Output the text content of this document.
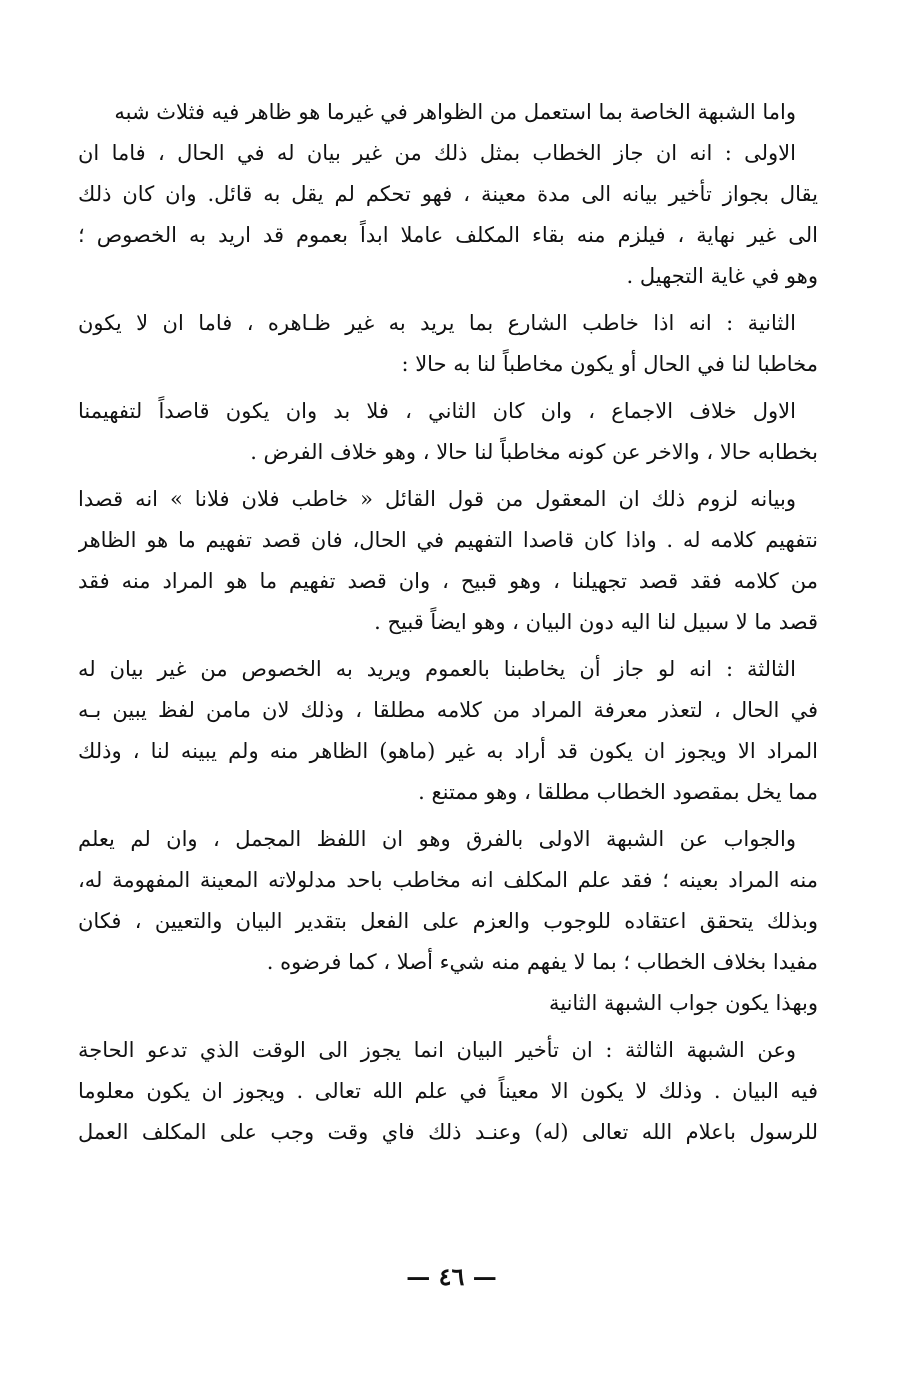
واما الشبهة الخاصة بما استعمل من الظواهر في غيرما هو ظاهر فيه فثلاث شبه
الاولى : انه ان جاز الخطاب بمثل ذلك من غير بيان له في الحال ، فاما ان
يقال بجواز تأخير بيانه الى مدة معينة ، فهو تحكم لم يقل به قائل. وان كان ذلك
الى غير نهاية ، فيلزم منه بقاء المكلف عاملا ابداً بعموم قد اريد به الخصوص ؛
وهو في غاية التجهيل .
الثانية : انه اذا خاطب الشارع بما يريد به غير ظـاهره ، فاما ان لا يكون
مخاطبا لنا في الحال أو يكون مخاطباً لنا به حالا :
الاول خلاف الاجماع ، وان كان الثاني ، فلا بد وان يكون قاصداً لتفهيمنا
بخطابه حالا ، والاخر عن كونه مخاطباً لنا حالا ، وهو خلاف الفرض .
وبيانه لزوم ذلك ان المعقول من قول القائل « خاطب فلان فلانا » انه قصدا
نتفهيم كلامه له . واذا كان قاصدا التفهيم في الحال، فان قصد تفهيم ما هو الظاهر
من كلامه فقد قصد تجهيلنا ، وهو قبيح ، وان قصد تفهيم ما هو المراد منه فقد
قصد ما لا سبيل لنا اليه دون البيان ، وهو ايضاً قبيح .
الثالثة : انه لو جاز أن يخاطبنا بالعموم ويريد به الخصوص من غير بيان له
في الحال ، لتعذر معرفة المراد من كلامه مطلقا ، وذلك لان مامن لفظ يبين بـه
المراد الا ويجوز ان يكون قد أراد به غير (ماهو) الظاهر منه ولم يبينه لنا ، وذلك
مما يخل بمقصود الخطاب مطلقا ، وهو ممتنع .
والجواب عن الشبهة الاولى بالفرق وهو ان اللفظ المجمل ، وان لم يعلم
منه المراد بعينه ؛ فقد علم المكلف انه مخاطب باحد مدلولاته المعينة المفهومة له،
وبذلك يتحقق اعتقاده للوجوب والعزم على الفعل بتقدير البيان والتعيين ، فكان
مفيدا بخلاف الخطاب ؛ بما لا يفهم منه شيء أصلا ، كما فرضوه .
وبهذا يكون جواب الشبهة الثانية
وعن الشبهة الثالثة : ان تأخير البيان انما يجوز الى الوقت الذي تدعو الحاجة
فيه البيان . وذلك لا يكون الا معيناً في علم الله تعالى . ويجوز ان يكون معلوما
للرسول باعلام الله تعالى (له) وعنـد ذلك فاي وقت وجب على المكلف العمل
— ٤٦ —
